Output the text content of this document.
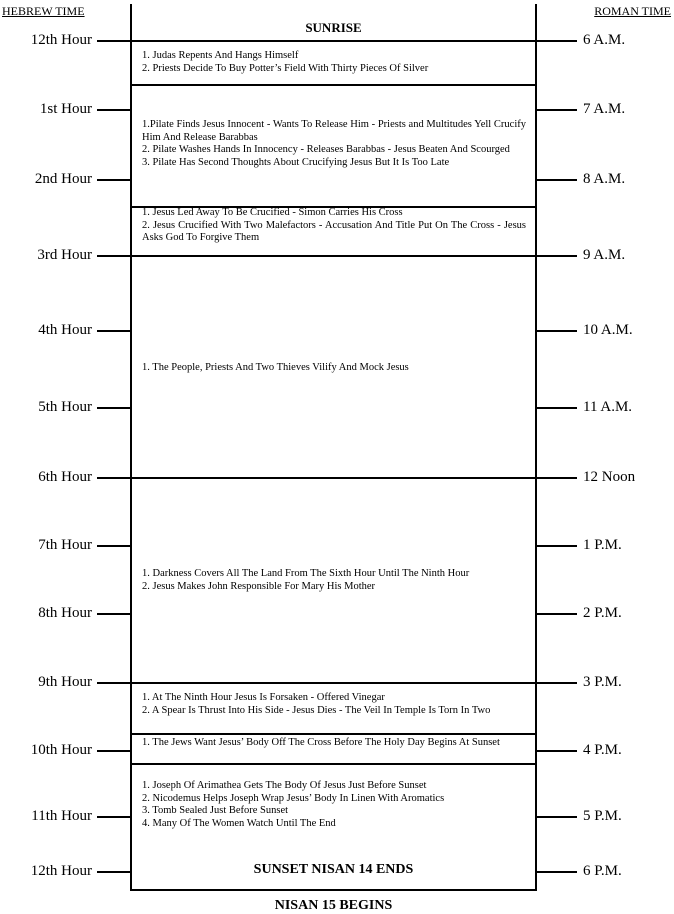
HEBREW TIME	ROMAN TIME
SUNRISE
SUNSET NISAN 14 ENDS
NISAN 15 BEGINS
12th Hour	6 A.M.
1st Hour	7 A.M.
2nd Hour	8 A.M.
3rd Hour	9 A.M.
4th Hour	10 A.M.
5th Hour	11 A.M.
6th Hour	12 Noon
7th Hour	1 P.M.
8th Hour	2 P.M.
9th Hour	3 P.M.
10th Hour	4 P.M.
11th Hour	5 P.M.
12th Hour	6 P.M.

1. Judas Repents And Hangs Himself

2. Priests Decide To Buy Potter’s Field With Thirty Pieces Of Silver

1.Pilate Finds Jesus Innocent - Wants To Release Him - Priests and Multitudes Yell Crucify Him And Release Barabbas

2. Pilate Washes Hands In Innocency - Releases Barabbas - Jesus Beaten And Scourged

3. Pilate Has Second Thoughts About Crucifying Jesus But It Is Too Late

1. Jesus Led Away To Be Crucified - Simon Carries His Cross

2. Jesus Crucified With Two Malefactors - Accusation And Title Put On The Cross - Jesus Asks God To Forgive Them

1. The People, Priests And Two Thieves Vilify And Mock Jesus

1. Darkness Covers All The Land From The Sixth Hour Until The Ninth Hour

2. Jesus Makes John Responsible For Mary His Mother

1. At The Ninth Hour Jesus Is Forsaken - Offered Vinegar

2. A Spear Is Thrust Into His Side - Jesus Dies - The Veil In Temple Is Torn In Two

1. The Jews Want Jesus’ Body Off The Cross Before The Holy Day Begins At Sunset

1. Joseph Of Arimathea Gets The Body Of Jesus Just Before Sunset

2. Nicodemus Helps Joseph Wrap Jesus’ Body In Linen With Aromatics

3. Tomb Sealed Just Before Sunset

4. Many Of The Women Watch Until The End
